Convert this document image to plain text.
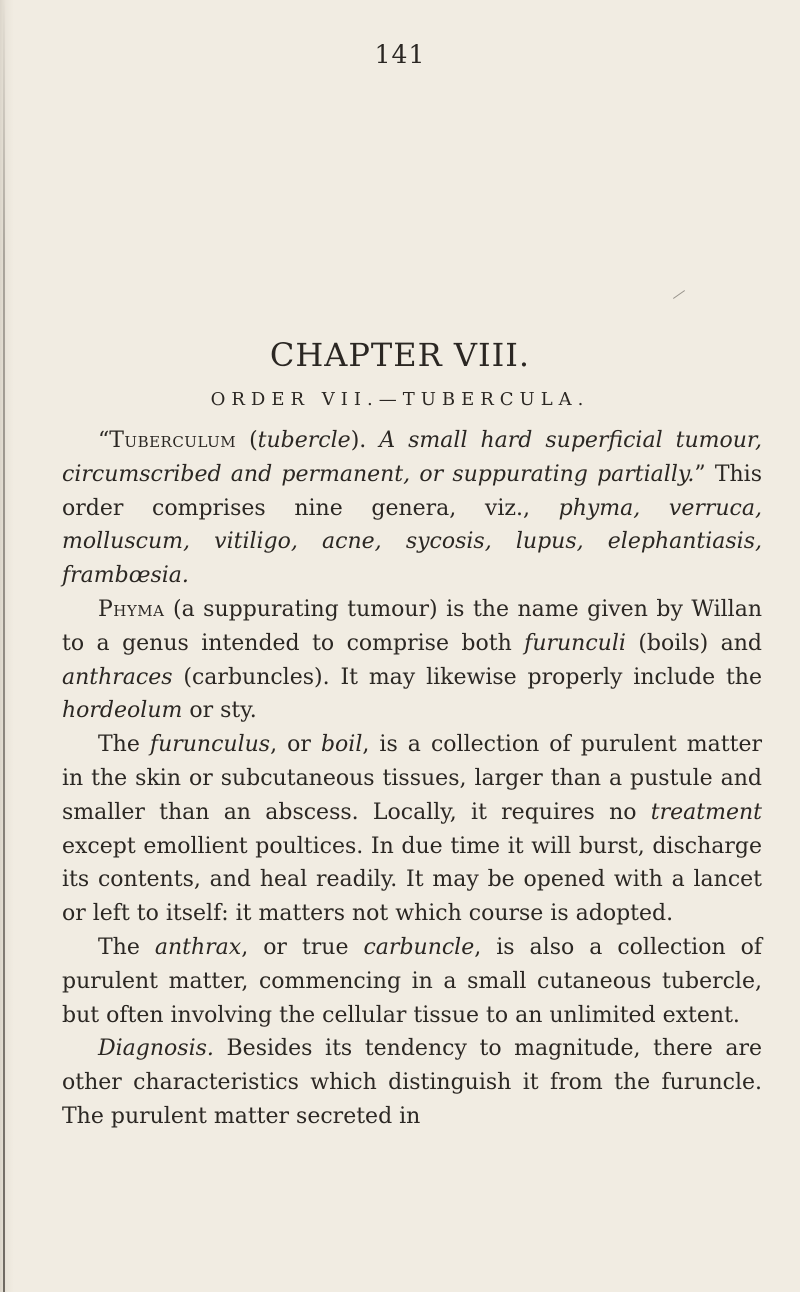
141
CHAPTER VIII.
ORDER VII.—TUBERCULA.

“Tuberculum (tubercle). A small hard superficial tumour, circumscribed and permanent, or suppurating partially.” This order comprises nine genera, viz., phyma, verruca, molluscum, vitiligo, acne, sycosis, lupus, elephantiasis, frambœsia.

Phyma (a suppurating tumour) is the name given by Willan to a genus intended to comprise both furunculi (boils) and anthraces (carbuncles). It may likewise properly include the hordeolum or sty.

The furunculus, or boil, is a collection of purulent matter in the skin or subcutaneous tissues, larger than a pustule and smaller than an abscess. Locally, it requires no treatment except emollient poultices. In due time it will burst, discharge its contents, and heal readily. It may be opened with a lancet or left to itself: it matters not which course is adopted.

The anthrax, or true carbuncle, is also a collection of purulent matter, commencing in a small cutaneous tubercle, but often involving the cellular tissue to an unlimited extent.

Diagnosis. Besides its tendency to magnitude, there are other characteristics which distinguish it from the furuncle. The purulent matter secreted in
